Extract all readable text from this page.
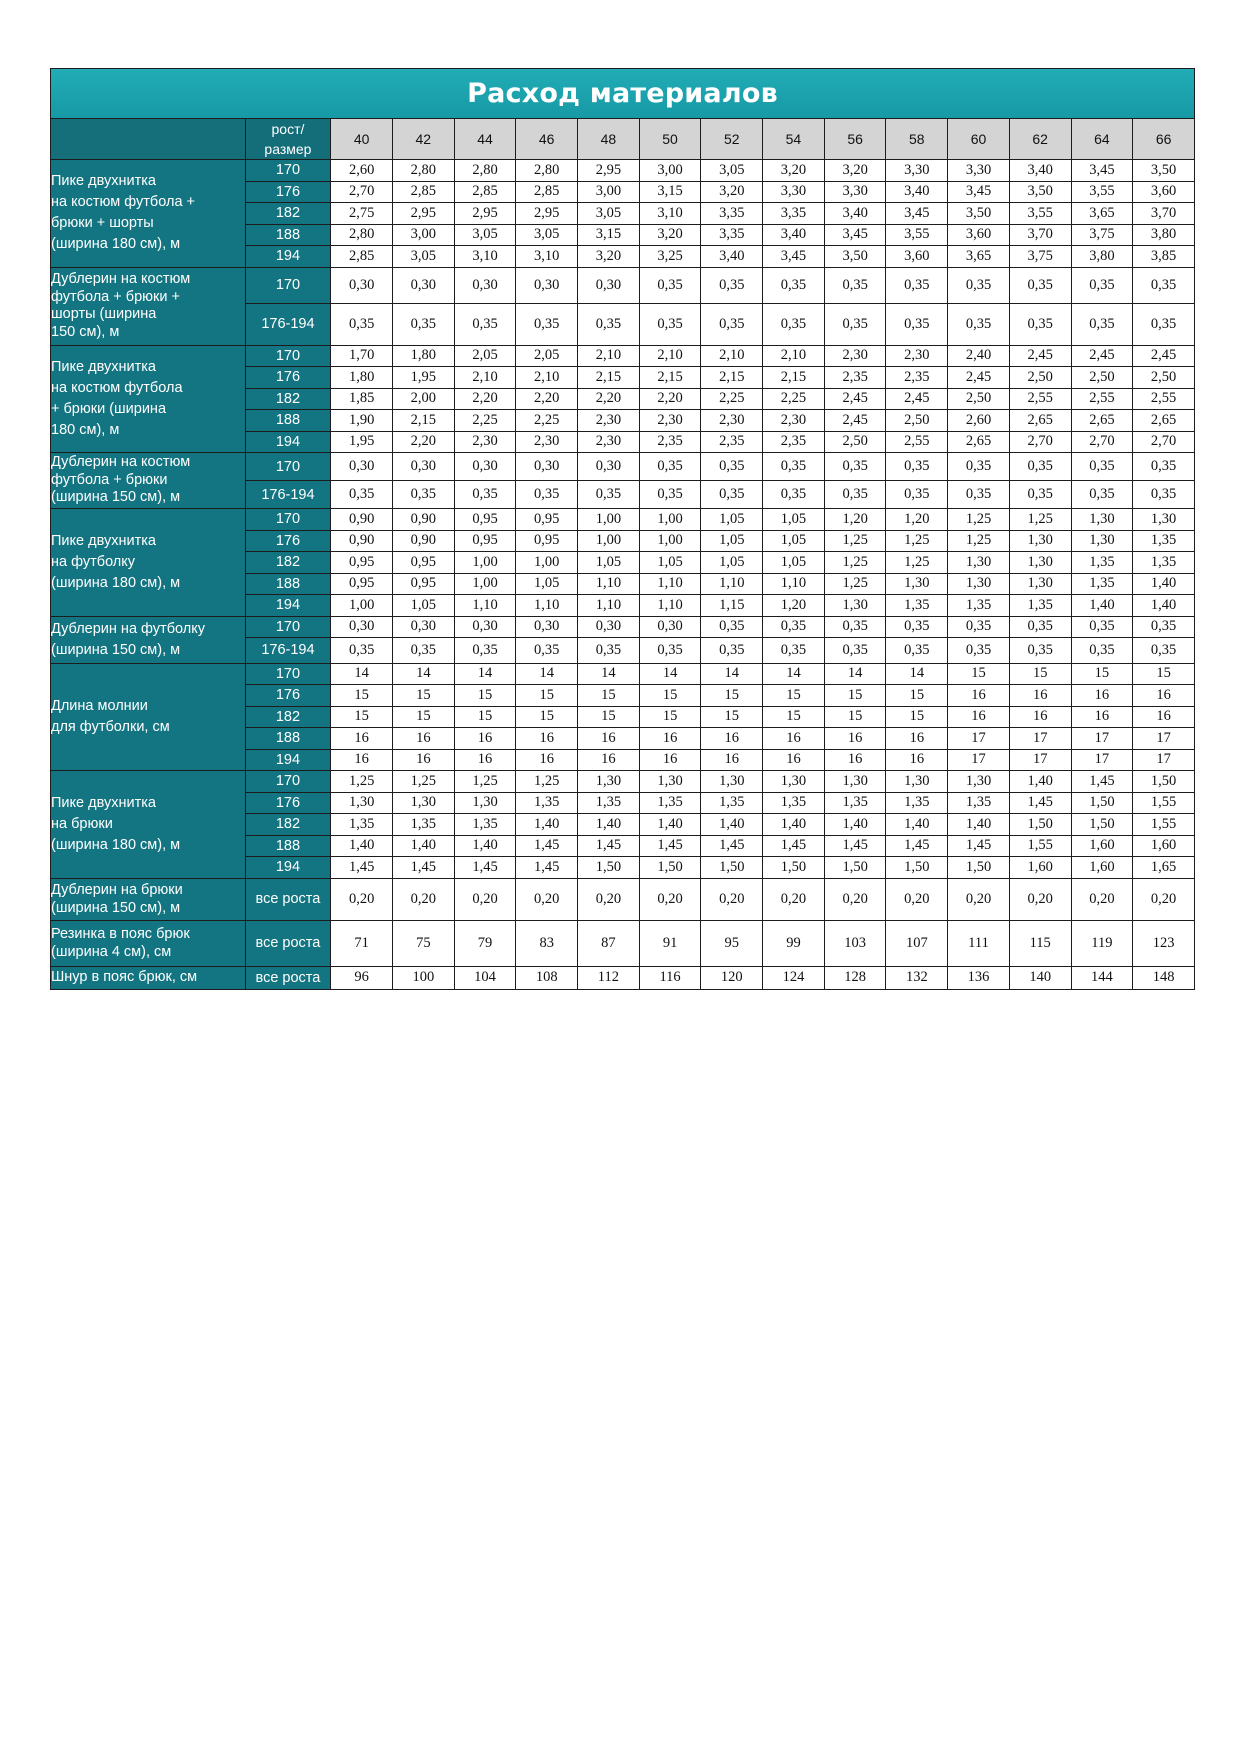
Расход материалов
	рост/
размер	40	42	44	46	48	50	52	54	56	58	60	62	64	66
Пике двухнитка
на костюм футбола +
брюки + шорты
(ширина 180 см), м	170	2,60	2,80	2,80	2,80	2,95	3,00	3,05	3,20	3,20	3,30	3,30	3,40	3,45	3,50
	176	2,70	2,85	2,85	2,85	3,00	3,15	3,20	3,30	3,30	3,40	3,45	3,50	3,55	3,60
	182	2,75	2,95	2,95	2,95	3,05	3,10	3,35	3,35	3,40	3,45	3,50	3,55	3,65	3,70
	188	2,80	3,00	3,05	3,05	3,15	3,20	3,35	3,40	3,45	3,55	3,60	3,70	3,75	3,80
	194	2,85	3,05	3,10	3,10	3,20	3,25	3,40	3,45	3,50	3,60	3,65	3,75	3,80	3,85
Дублерин на костюм
футбола + брюки +
шорты (ширина
150 см), м	170	0,30	0,30	0,30	0,30	0,30	0,35	0,35	0,35	0,35	0,35	0,35	0,35	0,35	0,35
	176-194	0,35	0,35	0,35	0,35	0,35	0,35	0,35	0,35	0,35	0,35	0,35	0,35	0,35	0,35
Пике двухнитка
на костюм футбола
+ брюки (ширина
180 см), м	170	1,70	1,80	2,05	2,05	2,10	2,10	2,10	2,10	2,30	2,30	2,40	2,45	2,45	2,45
	176	1,80	1,95	2,10	2,10	2,15	2,15	2,15	2,15	2,35	2,35	2,45	2,50	2,50	2,50
	182	1,85	2,00	2,20	2,20	2,20	2,20	2,25	2,25	2,45	2,45	2,50	2,55	2,55	2,55
	188	1,90	2,15	2,25	2,25	2,30	2,30	2,30	2,30	2,45	2,50	2,60	2,65	2,65	2,65
	194	1,95	2,20	2,30	2,30	2,30	2,35	2,35	2,35	2,50	2,55	2,65	2,70	2,70	2,70
Дублерин на костюм
футбола + брюки
(ширина 150 см), м	170	0,30	0,30	0,30	0,30	0,30	0,35	0,35	0,35	0,35	0,35	0,35	0,35	0,35	0,35
	176-194	0,35	0,35	0,35	0,35	0,35	0,35	0,35	0,35	0,35	0,35	0,35	0,35	0,35	0,35
Пике двухнитка
на футболку
(ширина 180 см), м	170	0,90	0,90	0,95	0,95	1,00	1,00	1,05	1,05	1,20	1,20	1,25	1,25	1,30	1,30
	176	0,90	0,90	0,95	0,95	1,00	1,00	1,05	1,05	1,25	1,25	1,25	1,30	1,30	1,35
	182	0,95	0,95	1,00	1,00	1,05	1,05	1,05	1,05	1,25	1,25	1,30	1,30	1,35	1,35
	188	0,95	0,95	1,00	1,05	1,10	1,10	1,10	1,10	1,25	1,30	1,30	1,30	1,35	1,40
	194	1,00	1,05	1,10	1,10	1,10	1,10	1,15	1,20	1,30	1,35	1,35	1,35	1,40	1,40
Дублерин на футболку
(ширина 150 см), м	170	0,30	0,30	0,30	0,30	0,30	0,30	0,35	0,35	0,35	0,35	0,35	0,35	0,35	0,35
	176-194	0,35	0,35	0,35	0,35	0,35	0,35	0,35	0,35	0,35	0,35	0,35	0,35	0,35	0,35
Длина молнии
для футболки, см	170	14	14	14	14	14	14	14	14	14	14	15	15	15	15
	176	15	15	15	15	15	15	15	15	15	15	16	16	16	16
	182	15	15	15	15	15	15	15	15	15	15	16	16	16	16
	188	16	16	16	16	16	16	16	16	16	16	17	17	17	17
	194	16	16	16	16	16	16	16	16	16	16	17	17	17	17
Пике двухнитка
на брюки
(ширина 180 см), м	170	1,25	1,25	1,25	1,25	1,30	1,30	1,30	1,30	1,30	1,30	1,30	1,40	1,45	1,50
	176	1,30	1,30	1,30	1,35	1,35	1,35	1,35	1,35	1,35	1,35	1,35	1,45	1,50	1,55
	182	1,35	1,35	1,35	1,40	1,40	1,40	1,40	1,40	1,40	1,40	1,40	1,50	1,50	1,55
	188	1,40	1,40	1,40	1,45	1,45	1,45	1,45	1,45	1,45	1,45	1,45	1,55	1,60	1,60
	194	1,45	1,45	1,45	1,45	1,50	1,50	1,50	1,50	1,50	1,50	1,50	1,60	1,60	1,65
Дублерин на брюки
(ширина 150 см), м	все роста	0,20	0,20	0,20	0,20	0,20	0,20	0,20	0,20	0,20	0,20	0,20	0,20	0,20	0,20
Резинка в пояс брюк
(ширина 4 см), см	все роста	71	75	79	83	87	91	95	99	103	107	111	115	119	123
Шнур в пояс брюк, см	все роста	96	100	104	108	112	116	120	124	128	132	136	140	144	148
